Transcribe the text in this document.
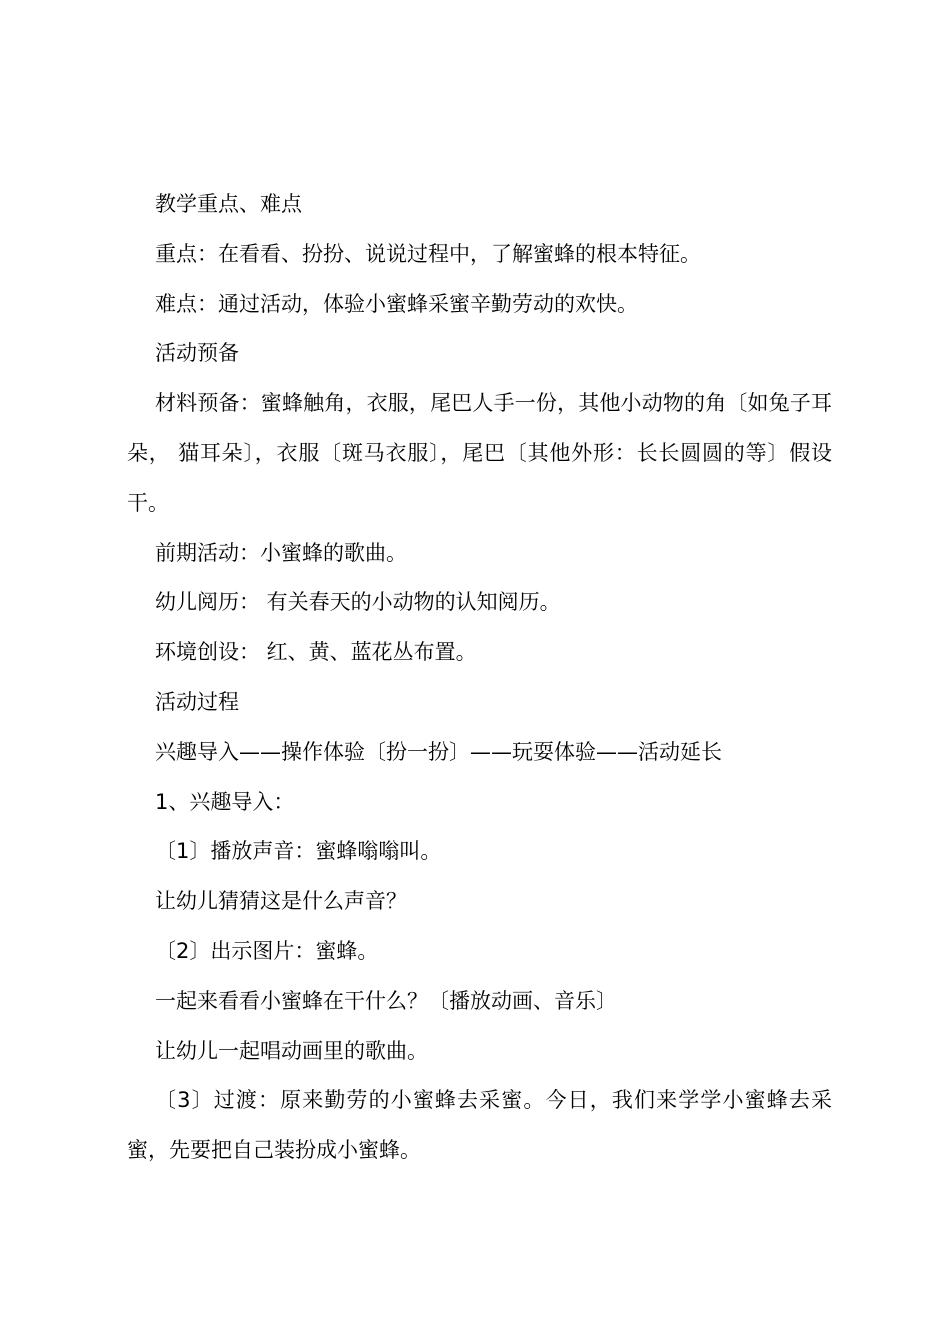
教学重点、难点

重点：在看看、扮扮、说说过程中，了解蜜蜂的根本特征。

难点：通过活动，体验小蜜蜂采蜜辛勤劳动的欢快。

活动预备

材料预备：蜜蜂触角，衣服，尾巴人手一份，其他小动物的角〔如兔子耳朵， 猫耳朵〕，衣服〔斑马衣服〕，尾巴〔其他外形：长长圆圆的等〕假设干。

前期活动：小蜜蜂的歌曲。

幼儿阅历： 有关春天的小动物的认知阅历。

环境创设： 红、黄、蓝花丛布置。

活动过程

兴趣导入——操作体验〔扮一扮〕——玩耍体验——活动延长

1、兴趣导入：

〔1〕播放声音：蜜蜂嗡嗡叫。

让幼儿猜猜这是什么声音？

〔2〕出示图片：蜜蜂。

一起来看看小蜜蜂在干什么？〔播放动画、音乐〕

让幼儿一起唱动画里的歌曲。

〔3〕过渡：原来勤劳的小蜜蜂去采蜜。今日，我们来学学小蜜蜂去采蜜，先要把自己装扮成小蜜蜂。
